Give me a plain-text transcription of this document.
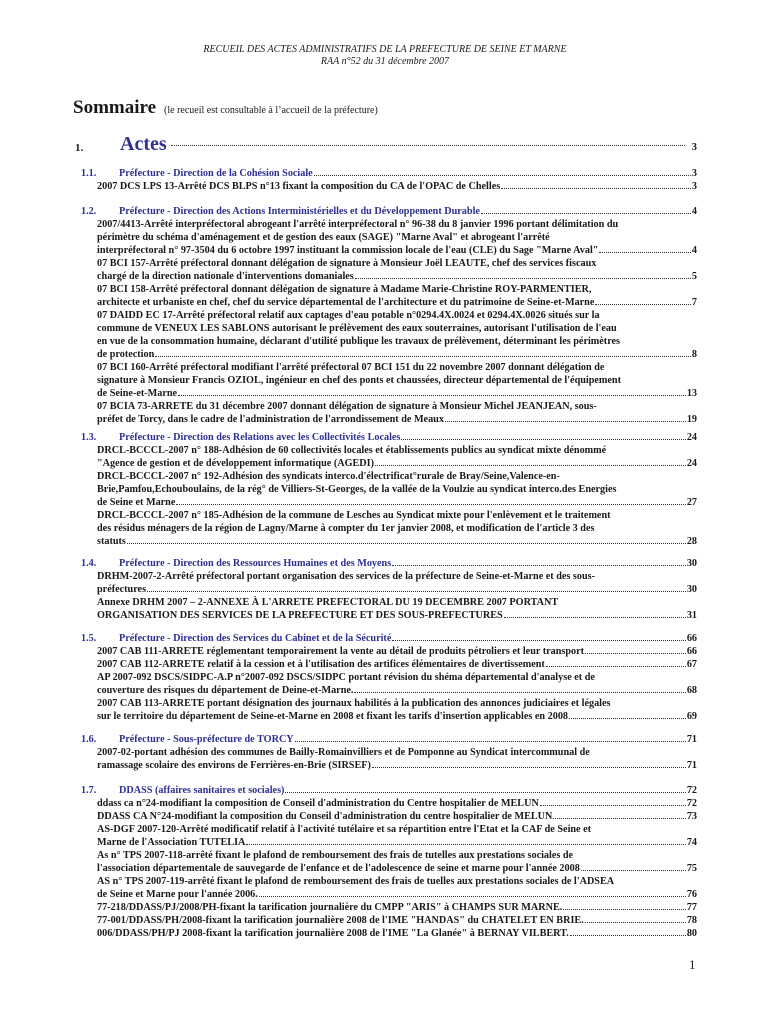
RECUEIL DES ACTES ADMINISTRATIFS DE LA PREFECTURE DE SEINE ET MARNE
RAA n°52 du 31 décembre 2007
Sommaire (le recueil est consultable à l’accueil de la préfecture)
1. Actes	3
1.1.	Préfecture - Direction de la Cohésion Sociale	3
2007 DCS LPS 13-Arrêté DCS BLPS n°13 fixant la composition du CA de l'OPAC de Chelles	3
1.2.	Préfecture - Direction des Actions Interministérielles et du Développement Durable	4
2007/4413-Arrêté interpréfectoral abrogeant l'arrêté interpréfectoral n° 96-38 du 8 janvier 1996 portant délimitation du
périmètre du schéma d'aménagement et de gestion des eaux (SAGE) "Marne Aval" et abrogeant l'arrêté
interpréfectoral n° 97-3504 du 6 octobre 1997 instituant la commission locale de l'eau (CLE) du Sage "Marne Aval"	4
07 BCI 157-Arrêté préfectoral donnant délégation de signature à Monsieur Joël LEAUTE, chef des services fiscaux
chargé de la direction nationale d'interventions domaniales	5
07 BCI 158-Arrêté préfectoral donnant délégation de signature à Madame Marie-Christine ROY-PARMENTIER,
architecte et urbaniste en chef, chef du service départemental de l'architecture et du patrimoine de Seine-et-Marne	7
07 DAIDD EC 17-Arrêté préfectoral relatif aux captages d'eau potable n°0294.4X.0024 et 0294.4X.0026 situés sur la
commune de VENEUX LES SABLONS autorisant le prélèvement des eaux souterraines, autorisant l'utilisation de l'eau
en vue de la consommation humaine, déclarant d'utilité publique les travaux de prélèvement, déterminant les périmètres
de protection	8
07 BCI 160-Arrêté préfectoral modifiant l'arrêté préfectoral 07 BCI 151 du 22 novembre 2007 donnant délégation de
signature à Monsieur Francis OZIOL, ingénieur en chef des ponts et chaussées, directeur départemental de l'équipement
de Seine-et-Marne	13
07 BCIA 73-ARRETE du 31 décembre 2007 donnant délégation de signature à Monsieur Michel JEANJEAN, sous-
préfet de Torcy, dans le cadre de l'administration de l'arrondissement de Meaux	19
1.3.	Préfecture - Direction des Relations avec les Collectivités Locales	24
DRCL-BCCCL-2007 n° 188-Adhésion de 60 collectivités locales et établissements publics au syndicat mixte dénommé
"Agence de gestion et de développement informatique (AGEDI)	24
DRCL-BCCCL-2007 n° 192-Adhésion des syndicats interco.d'électrificat°rurale de Bray/Seine,Valence-en-
Brie,Pamfou,Echouboulains, de la rég° de Villiers-St-Georges, de la vallée de la Voulzie au syndicat interco.des Energies
de Seine et Marne	27
DRCL-BCCCL-2007 n° 185-Adhésion de la commune de Lesches au Syndicat mixte pour l'enlèvement et le traitement
des résidus ménagers de la région de Lagny/Marne à compter du 1er janvier 2008, et modification de l'article 3 des
statuts	28
1.4.	Préfecture - Direction des Ressources Humaines et des Moyens	30
DRHM-2007-2-Arrêté préfectoral portant organisation des services de la préfecture de Seine-et-Marne et des sous-
préfectures	30
Annexe DRHM 2007 – 2-ANNEXE À L'ARRETE PREFECTORAL DU 19 DECEMBRE 2007 PORTANT
ORGANISATION DES SERVICES DE LA PREFECTURE ET DES SOUS-PREFECTURES	31
1.5.	Préfecture - Direction des Services du Cabinet et de la Sécurité	66
2007 CAB 111-ARRETE réglementant temporairement la vente au détail de produits pétroliers et leur transport	66
2007 CAB 112-ARRETE relatif à la cession et à l'utilisation des artifices élémentaires de divertissement	67
AP 2007-092 DSCS/SIDPC-A.P n°2007-092 DSCS/SIDPC portant révision du shéma départemental d'analyse et de
couverture des risques du département de Deine-et-Marne.	68
2007 CAB 113-ARRETE portant désignation des journaux habilités à la publication des annonces judiciaires et légales
sur le territoire du département de Seine-et-Marne en 2008 et fixant les tarifs d'insertion applicables en 2008	69
1.6.	Préfecture - Sous-préfecture de TORCY	71
2007-02-portant adhésion des communes de Bailly-Romainvilliers et de Pomponne au Syndicat intercommunal de
ramassage scolaire des environs de Ferrières-en-Brie (SIRSEF)	71
1.7.	DDASS (affaires sanitaires et sociales)	72
ddass ca n°24-modifiant la composition de Conseil d'administration du Centre hospitalier de MELUN	72
DDASS CA N°24-modifiant la composition du Conseil d'administration du centre hospitalier de MELUN	73
AS-DGF 2007-120-Arrêté modificatif relatif à l'activité tutélaire et sa répartition entre l'Etat et la CAF de Seine et
Marne de l'Association TUTELIA	74
As n° TPS 2007-118-arrêté fixant le plafond de remboursement des frais de tutelles aux prestations sociales de
l'association départementale de sauvegarde de l'enfance et de l'adolescence de seine et marne pour l'année 2008	75
AS n° TPS 2007-119-arrêté fixant le plafond de remboursement des frais de tuelles aux prestations sociales de l'ADSEA
de Seine et Marne pour l'année 2006.	76
77-218/DDASS/PJ/2008/PH-fixant la tarification journalière du CMPP "ARIS" à CHAMPS SUR MARNE.	77
77-001/DDASS/PH/2008-fixant la tarification journalière 2008 de l'IME "HANDAS" du CHATELET EN BRIE.	78
006/DDASS/PH/PJ 2008-fixant la tarification journalière 2008 de l'IME "La Glanée" à BERNAY VILBERT.	80
1
